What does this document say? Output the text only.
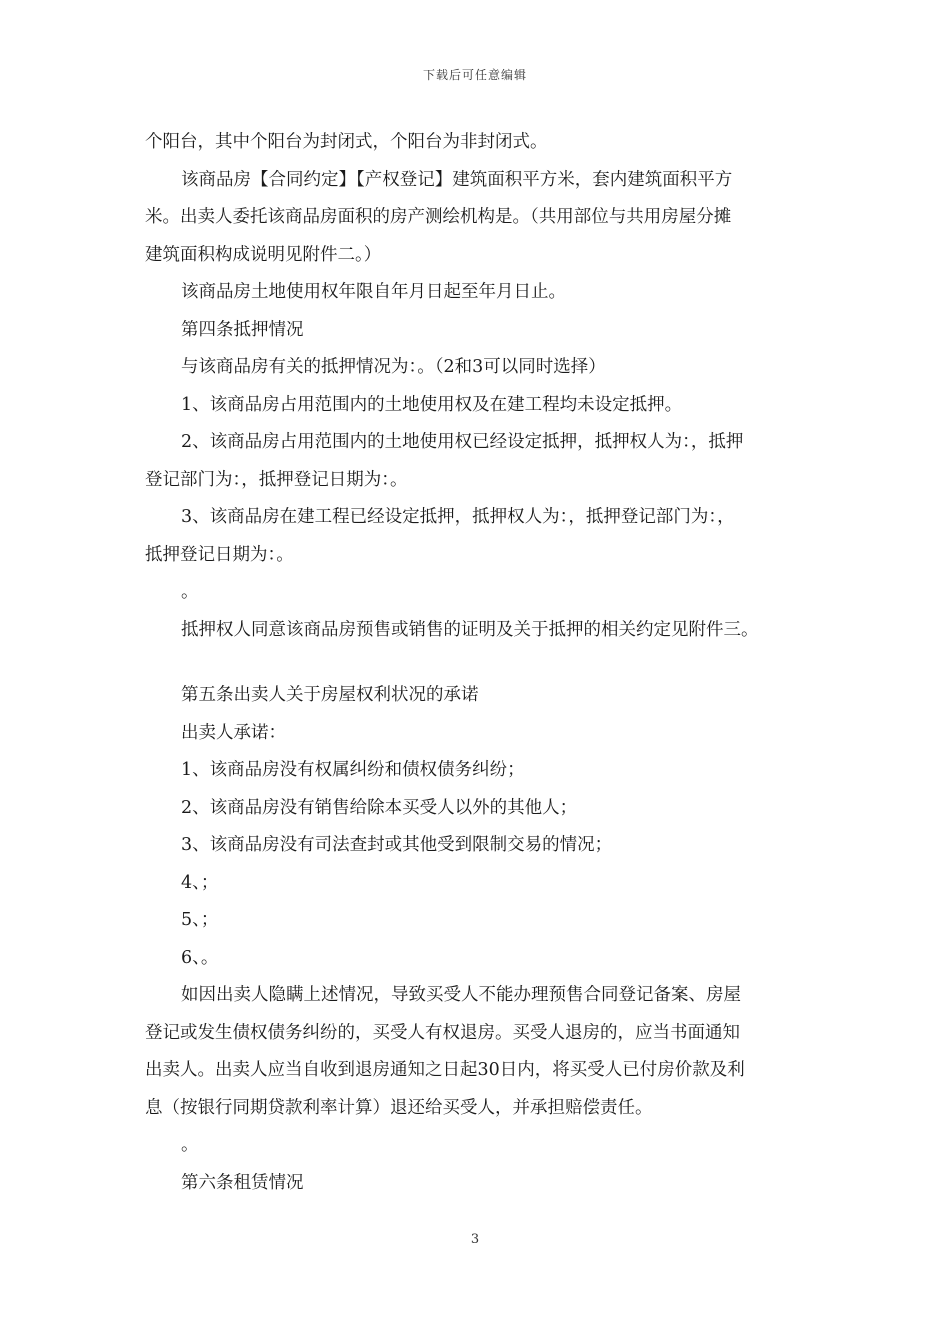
下载后可任意编辑
个阳台，其中个阳台为封闭式，个阳台为非封闭式。
该商品房【合同约定】【产权登记】建筑面积平方米，套内建筑面积平方
米。出卖人委托该商品房面积的房产测绘机构是。（共用部位与共用房屋分摊
建筑面积构成说明见附件二。）
该商品房土地使用权年限自年月日起至年月日止。
第四条抵押情况
与该商品房有关的抵押情况为：。（2和3可以同时选择）
1、该商品房占用范围内的土地使用权及在建工程均未设定抵押。
2、该商品房占用范围内的土地使用权已经设定抵押，抵押权人为：，抵押
登记部门为：，抵押登记日期为：。
3、该商品房在建工程已经设定抵押，抵押权人为：，抵押登记部门为：，
抵押登记日期为：。
。
抵押权人同意该商品房预售或销售的证明及关于抵押的相关约定见附件三。
第五条出卖人关于房屋权利状况的承诺
出卖人承诺：
1、该商品房没有权属纠纷和债权债务纠纷；
2、该商品房没有销售给除本买受人以外的其他人；
3、该商品房没有司法查封或其他受到限制交易的情况；
4、；
5、；
6、。
如因出卖人隐瞒上述情况，导致买受人不能办理预售合同登记备案、房屋
登记或发生债权债务纠纷的，买受人有权退房。买受人退房的，应当书面通知
出卖人。出卖人应当自收到退房通知之日起30日内，将买受人已付房价款及利
息（按银行同期贷款利率计算）退还给买受人，并承担赔偿责任。
。
第六条租赁情况
3
